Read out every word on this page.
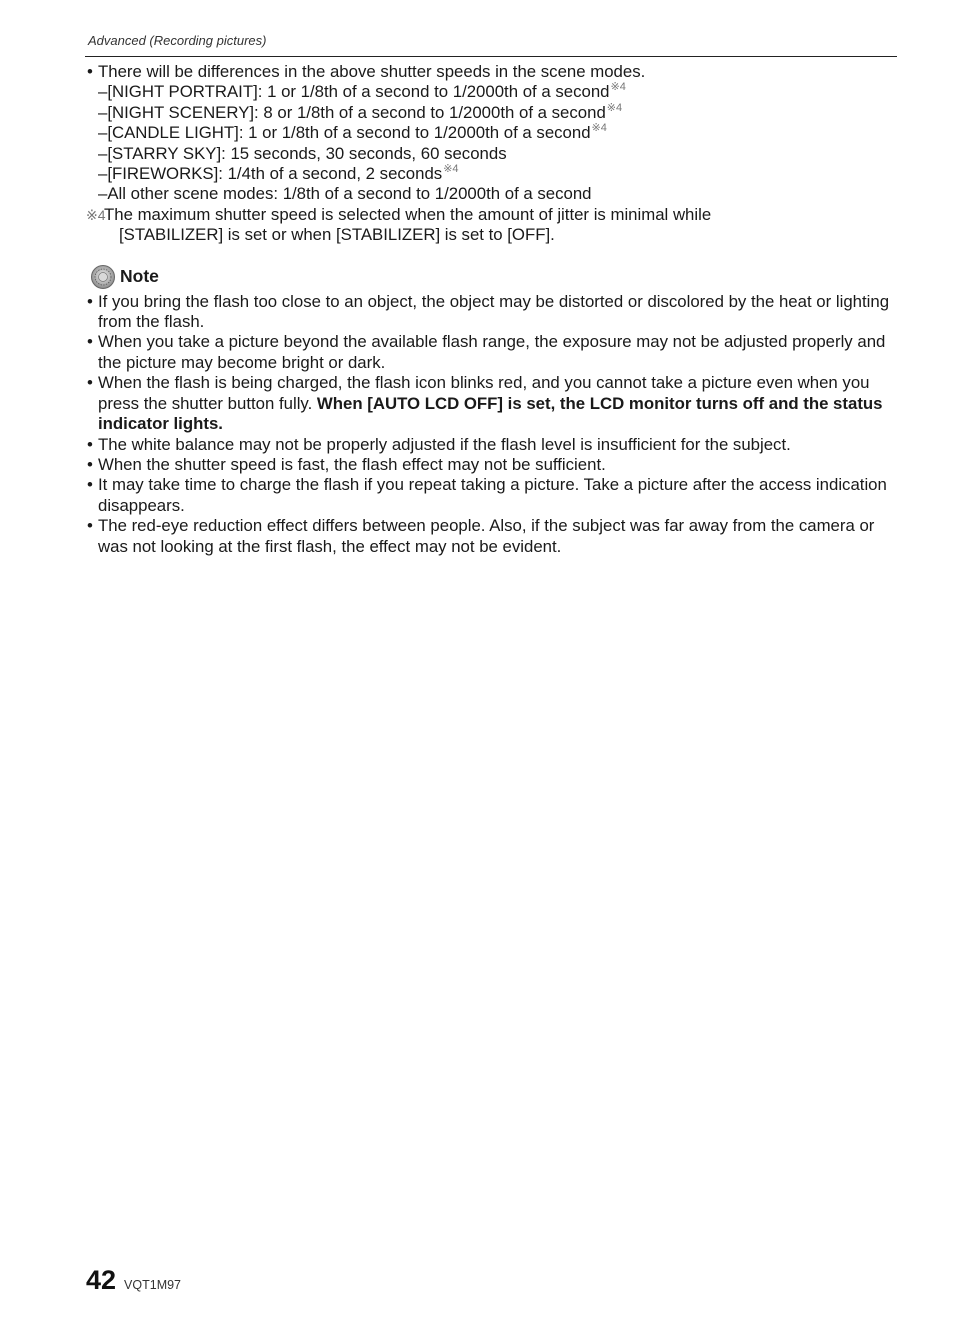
Advanced (Recording pictures)
• There will be differences in the above shutter speeds in the scene modes.
–[NIGHT PORTRAIT]: 1 or 1/8th of a second to 1/2000th of a second$^{※4}$
–[NIGHT SCENERY]: 8 or 1/8th of a second to 1/2000th of a second$^{※4}$
–[CANDLE LIGHT]: 1 or 1/8th of a second to 1/2000th of a second$^{※4}$
–[STARRY SKY]: 15 seconds, 30 seconds, 60 seconds
–[FIREWORKS]: 1/4th of a second, 2 seconds$^{※4}$
–All other scene modes: 1/8th of a second to 1/2000th of a second
※4
The maximum shutter speed is selected when the amount of jitter is minimal while
[STABILIZER] is set or when [STABILIZER] is set to [OFF].
Note
• If you bring the flash too close to an object, the object may be distorted or discolored by the heat or lighting from the flash.
• When you take a picture beyond the available flash range, the exposure may not be adjusted properly and the picture may become bright or dark.
• When the flash is being charged, the flash icon blinks red, and you cannot take a picture even when you press the shutter button fully. When [AUTO LCD OFF] is set, the LCD monitor turns off and the status indicator lights.
• The white balance may not be properly adjusted if the flash level is insufficient for the subject.
• When the shutter speed is fast, the flash effect may not be sufficient.
• It may take time to charge the flash if you repeat taking a picture. Take a picture after the access indication disappears.
• The red-eye reduction effect differs between people. Also, if the subject was far away from the camera or was not looking at the first flash, the effect may not be evident.
42 VQT1M97
